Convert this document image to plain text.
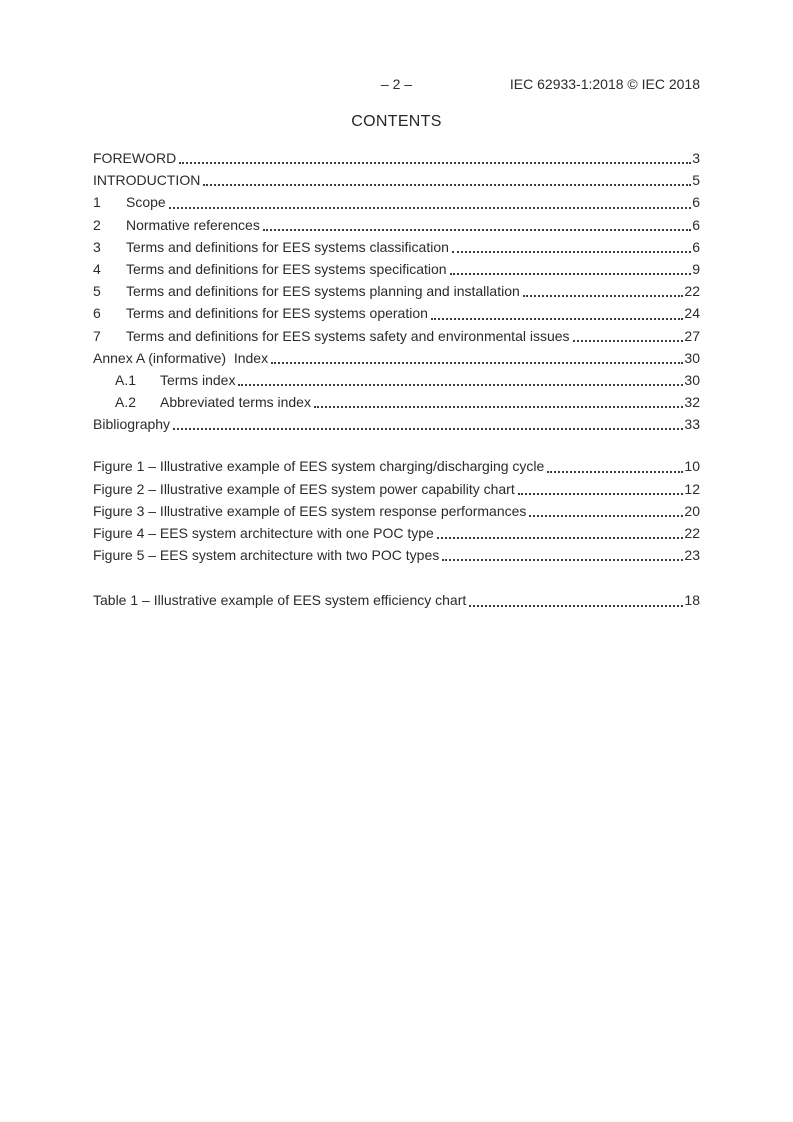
– 2 –	IEC 62933-1:2018 © IEC 2018
CONTENTS
FOREWORD	3
INTRODUCTION	5
1	Scope	6
2	Normative references	6
3	Terms and definitions for EES systems classification	6
4	Terms and definitions for EES systems specification	9
5	Terms and definitions for EES systems planning and installation	22
6	Terms and definitions for EES systems operation	24
7	Terms and definitions for EES systems safety and environmental issues	27
Annex A (informative)  Index	30
A.1	Terms index	30
A.2	Abbreviated terms index	32
Bibliography	33
Figure 1 – Illustrative example of EES system charging/discharging cycle	10
Figure 2 – Illustrative example of EES system power capability chart	12
Figure 3 – Illustrative example of EES system response performances	20
Figure 4 – EES system architecture with one POC type	22
Figure 5 – EES system architecture with two POC types	23
Table 1 – Illustrative example of EES system efficiency chart	18
